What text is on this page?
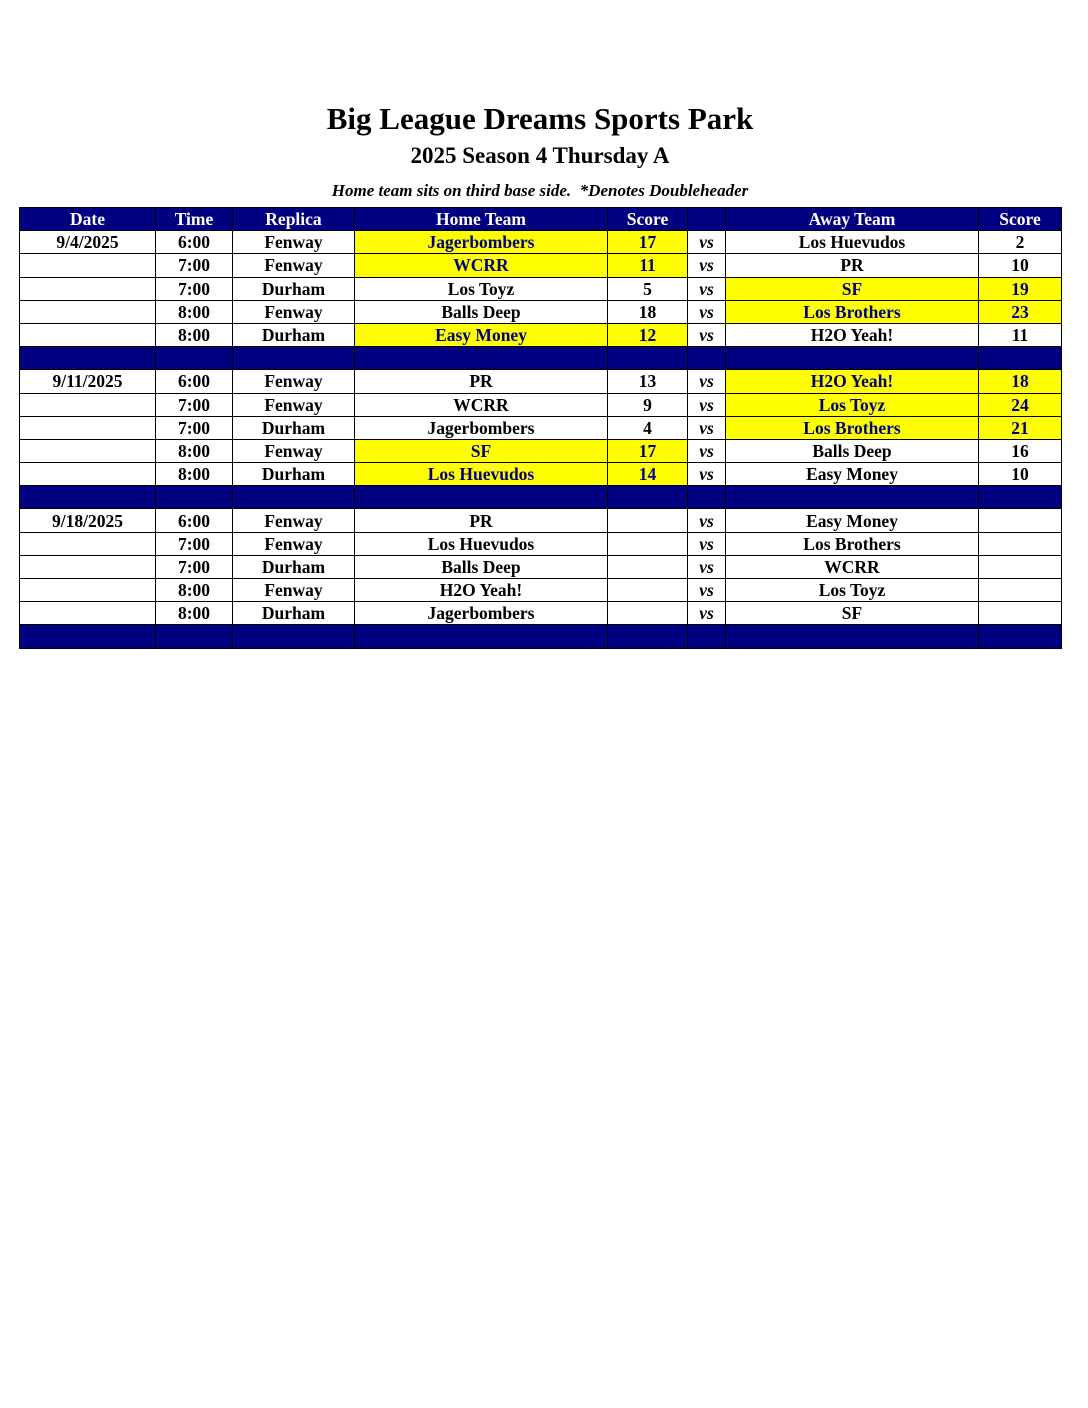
Big League Dreams Sports Park
2025 Season 4 Thursday A
Home team sits on third base side.  *Denotes Doubleheader
Date	Time	Replica	Home Team	Score		Away Team	Score
9/4/2025	6:00	Fenway	Jagerbombers	17	vs	Los Huevudos	2
	7:00	Fenway	WCRR	11	vs	PR	10
	7:00	Durham	Los Toyz	5	vs	SF	19
	8:00	Fenway	Balls Deep	18	vs	Los Brothers	23
	8:00	Durham	Easy Money	12	vs	H2O Yeah!	11

9/11/2025	6:00	Fenway	PR	13	vs	H2O Yeah!	18
	7:00	Fenway	WCRR	9	vs	Los Toyz	24
	7:00	Durham	Jagerbombers	4	vs	Los Brothers	21
	8:00	Fenway	SF	17	vs	Balls Deep	16
	8:00	Durham	Los Huevudos	14	vs	Easy Money	10

9/18/2025	6:00	Fenway	PR		vs	Easy Money	
	7:00	Fenway	Los Huevudos		vs	Los Brothers	
	7:00	Durham	Balls Deep		vs	WCRR	
	8:00	Fenway	H2O Yeah!		vs	Los Toyz	
	8:00	Durham	Jagerbombers		vs	SF	
